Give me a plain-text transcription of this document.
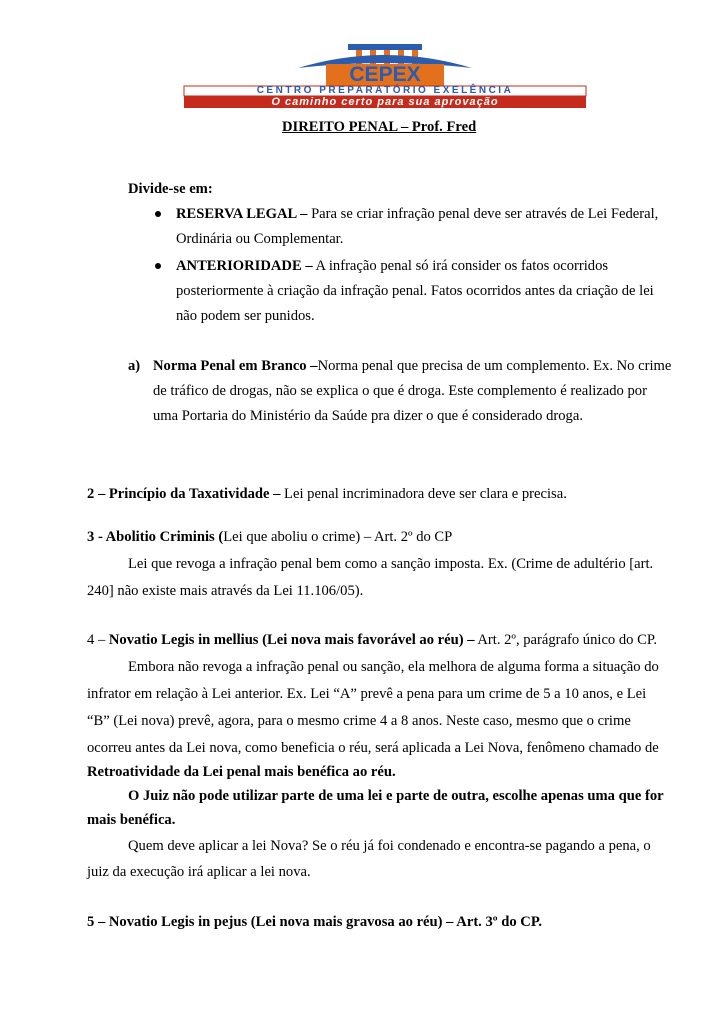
CEPEX
CENTRO PREPARATÓRIO EXELÊNCIA
O caminho certo para sua aprovação
DIREITO PENAL – Prof. Fred
Divide-se em:
RESERVA LEGAL – Para se criar infração penal deve ser através de Lei Federal,
Ordinária ou Complementar.
ANTERIORIDADE – A infração penal só irá consider os fatos ocorridos
posteriormente à criação da infração penal. Fatos ocorridos antes da criação de lei
não podem ser punidos.
a) Norma Penal em Branco –Norma penal que precisa de um complemento. Ex. No crime
de tráfico de drogas, não se explica o que é droga. Este complemento é realizado por
uma Portaria do Ministério da Saúde pra dizer o que é considerado droga.
2 – Princípio da Taxatividade – Lei penal incriminadora deve ser clara e precisa.
3 - Abolitio Criminis (Lei que aboliu o crime) – Art. 2º do CP
Lei que revoga a infração penal bem como a sanção imposta. Ex. (Crime de adultério [art.
240] não existe mais através da Lei 11.106/05).
4 – Novatio Legis in mellius (Lei nova mais favorável ao réu) – Art. 2º, parágrafo único do CP.
Embora não revoga a infração penal ou sanção, ela melhora de alguma forma a situação do
infrator em relação à Lei anterior. Ex. Lei “A” prevê a pena para um crime de 5 a 10 anos, e Lei
“B” (Lei nova) prevê, agora, para o mesmo crime 4 a 8 anos. Neste caso, mesmo que o crime
ocorreu antes da Lei nova, como beneficia o réu, será aplicada a Lei Nova, fenômeno chamado de
Retroatividade da Lei penal mais benéfica ao réu.
O Juiz não pode utilizar parte de uma lei e parte de outra, escolhe apenas uma que for
mais benéfica.
Quem deve aplicar a lei Nova? Se o réu já foi condenado e encontra-se pagando a pena, o
juiz da execução irá aplicar a lei nova.
5 – Novatio Legis in pejus (Lei nova mais gravosa ao réu) – Art. 3º do CP.
